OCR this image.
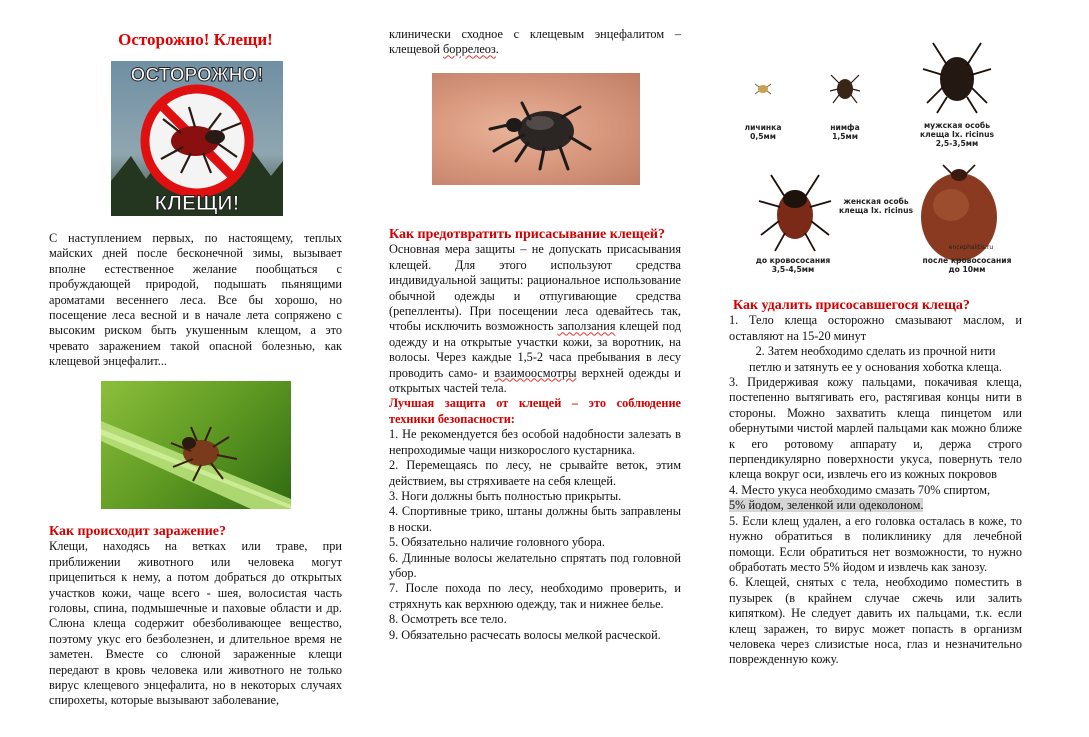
Осторожно! Клещи!
ОСТОРОЖНО!
КЛЕЩИ!

С наступлением первых, по настоящему, теплых майских дней после бесконечной зимы, вызывает вполне естественное желание пообщаться с пробуждающей природой, подышать пьянящими ароматами весеннего леса. Все бы хорошо, но посещение леса весной и в начале лета сопряжено с высоким риском быть укушенным клещом, а это чревато заражением такой опасной болезнью, как клещевой энцефалит...

Как происходит заражение?

Клещи, находясь на ветках или траве, при приближении животного или человека могут прицепиться к нему, а потом добраться до открытых участков кожи, чаще всего - шея, волосистая часть головы, спина, подмышечные и паховые области и др. Слюна клеща содержит обезболивающее вещество, поэтому укус его безболезнен, и длительное время не заметен. Вместе со слюной зараженные клещи передают в кровь человека или животного не только вирус клещевого энцефалита, но в некоторых случаях спирохеты, которые вызывают заболевание,

клинически сходное с клещевым энцефалитом – клещевой боррелеоз.

Как предотвратить присасывание клещей?

Основная мера защиты – не допускать присасывания клещей. Для этого используют средства индивидуальной защиты: рациональное использование обычной одежды и отпугивающие средства (репелленты). При посещении леса одевайтесь так, чтобы исключить возможность заползания клещей под одежду и на открытые участки кожи, за воротник, на волосы. Через каждые 1,5-2 часа пребывания в лесу проводить само- и взаимоосмотры верхней одежды и открытых частей тела.

Лучшая защита от клещей – это соблюдение техники безопасности:

1. Не рекомендуется без особой надобности залезать в непроходимые чащи низкорослого кустарника.
2. Перемещаясь по лесу, не срывайте веток, этим действием, вы стряхиваете на себя клещей.
3. Ноги должны быть полностью прикрыты.
4. Спортивные трико, штаны должны быть заправлены в носки.
5. Обязательно наличие головного убора.
6. Длинные волосы желательно спрятать под головной убор.
7. После похода по лесу, необходимо проверить, и стряхнуть как верхнюю одежду, так и нижнее белье.
8. Осмотреть все тело.
9. Обязательно расчесать волосы мелкой расческой.
личинка
0,5мм
нимфа
1,5мм
мужская особь
клеща Ix. ricinus
2,5-3,5мм
женская особь
клеща Ix. ricinus
encephalitis.ru
до кровососания
3,5-4,5мм
после кровососания
до 10мм

Как удалить присосавшегося клеща?

1. Тело клеща осторожно смазывают маслом, и оставляют на 15-20 минут

2. Затем необходимо сделать из прочной нити

петлю и затянуть ее у основания хоботка клеща.

3. Придерживая кожу пальцами, покачивая клеща, постепенно вытягивать его, растягивая концы нити в стороны. Можно захватить клеща пинцетом или обернутыми чистой марлей пальцами как можно ближе к его ротовому аппарату и, держа строго перпендикулярно поверхности укуса, повернуть тело клеща вокруг оси, извлечь его из кожных покровов

4. Место укуса необходимо смазать 70% спиртом,
5% йодом, зеленкой или одеколоном.

5. Если клещ удален, а его головка осталась в коже, то нужно обратиться в поликлинику для лечебной помощи. Если обратиться нет возможности, то нужно обработать место 5% йодом и извлечь как занозу.

6. Клещей, снятых с тела, необходимо поместить в пузырек (в крайнем случае сжечь или залить кипятком). Не следует давить их пальцами, т.к. если клещ заражен, то вирус может попасть в организм человека через слизистые носа, глаз и незначительно поврежденную кожу.
